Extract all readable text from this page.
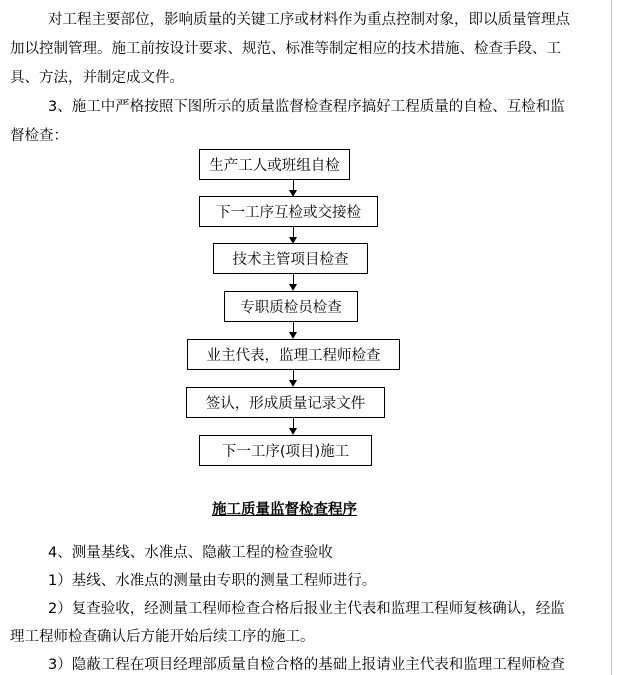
对工程主要部位，影响质量的关键工序或材料作为重点控制对象，即以质量管理点
加以控制管理。施工前按设计要求、规范、标准等制定相应的技术措施、检查手段、工
具、方法，并制定成文件。
3、施工中严格按照下图所示的质量监督检查程序搞好工程质量的自检、互检和监
督检查：
生产工人或班组自检
下一工序互检或交接检
技术主管项目检查
专职质检员检查
业主代表，监理工程师检查
签认，形成质量记录文件
下一工序(项目)施工
施工质量监督检查程序
4、测量基线、水准点、隐蔽工程的检查验收
1）基线、水准点的测量由专职的测量工程师进行。
2）复查验收，经测量工程师检查合格后报业主代表和监理工程师复核确认，经监
理工程师检查确认后方能开始后续工序的施工。
3）隐蔽工程在项目经理部质量自检合格的基础上报请业主代表和监理工程师检查
